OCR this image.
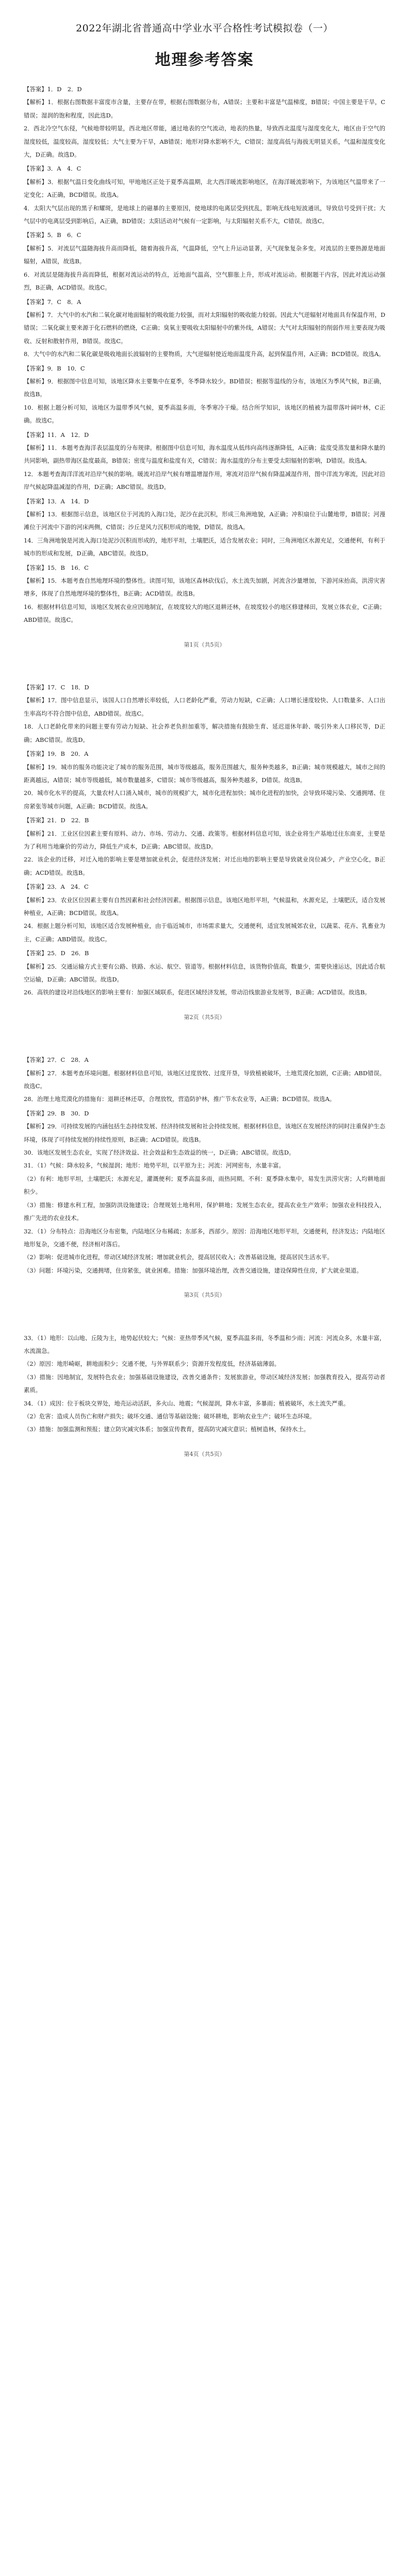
2022年湖北省普通高中学业水平合格性考试模拟卷（一）
地理参考答案
【答案】1．D　2．D
【解析】1．根据右图数据丰富度市含量，主要存在带，根据右图数据分布，A错误；主要和丰富是气温梯度，B错误；中国主要是干旱，C错误；湿润的饱和程度，因此选D。
2．西北冷空气东侵，气候地带较明显，西北地区带能，通过地表的空气流动，地表的热量，导致西北温度与湿度变化大，地区由于空气的湿度较低，温度较高，湿度较低；大气主要为干旱，AB错误；地形对降水影响不大，C错误；湿度高低与海拔无明显关系，气温和湿度变化大，D正确。故选D。
【答案】3．A　4．C
【解析】3．根据气温日变化曲线可知，甲地地区正处于夏季高温期，北大西洋暖流影响地区，在海洋暖流影响下，为该地区气温带来了一定变化；A正确，BCD错误。故选A。
4．太阳大气层出现的黑子和耀斑，是地球上的磁暴的主要原因，使地球的电离层受到扰乱，影响无线电短波通讯，导致信号受到干扰；大气层中的电离层受到影响后，A正确，BD错误；太阳活动对气候有一定影响，与太阳辐射关系不大，C错误。故选C。
【答案】5．B　6．C
【解析】5．对流层气温随海拔升高而降低，随着海拔升高，气温降低，空气上升运动显著，天气现象复杂多变。对流层的主要热源是地面辐射，A错误，故选B。
6．对流层是随海拔升高而降低，根据对流运动的特点，近地面气温高，空气膨胀上升，形成对流运动。根据题干内容，因此对流运动强烈，B正确，ACD错误。故选C。
【答案】7．C　8．A
【解析】7．大气中的水汽和二氧化碳对地面辐射的吸收能力较强，而对太阳辐射的吸收能力较弱。因此大气逆辐射对地面具有保温作用，D错误；二氧化碳主要来源于化石燃料的燃烧，C正确；臭氧主要吸收太阳辐射中的紫外线，A错误；大气对太阳辐射的削弱作用主要表现为吸收、反射和散射作用，B错误。故选C。
8．大气中的水汽和二氧化碳是吸收地面长波辐射的主要物质，大气逆辐射使近地面温度升高，起到保温作用，A正确；BCD错误。故选A。
【答案】9．B　10．C
【解析】9．根据图中信息可知，该地区降水主要集中在夏季，冬季降水较少。BD错误；根据等温线的分布，该地区为季风气候，B正确，故选B。
10．根据上题分析可知，该地区为温带季风气候，夏季高温多雨，冬季寒冷干燥。结合所学知识，该地区的植被为温带落叶阔叶林，C正确。故选C。
【答案】11．A　12．D
【解析】11．本题考查海洋表层温度的分布规律。根据图中信息可知，海水温度从低纬向高纬逐渐降低，A正确；盐度受蒸发量和降水量的共同影响，副热带海区盐度最高，B错误；密度与温度和盐度有关，C错误；海水温度的分布主要受太阳辐射的影响，D错误。故选A。
12．本题考查海洋洋流对沿岸气候的影响。暖流对沿岸气候有增温增湿作用，寒流对沿岸气候有降温减湿作用，图中洋流为寒流，因此对沿岸气候起降温减湿的作用，D正确；ABC错误。故选D。
【答案】13．A　14．D
【解析】13．根据图示信息，该地区位于河流的入海口处，泥沙在此沉积，形成三角洲地貌，A正确；冲积扇位于山麓地带，B错误；河漫滩位于河流中下游的河床两侧，C错误；沙丘是风力沉积形成的地貌，D错误。故选A。
14．三角洲地貌是河流入海口处泥沙沉积而形成的，地形平坦，土壤肥沃，适合发展农业；同时，三角洲地区水源充足，交通便利，有利于城市的形成和发展，D正确，ABC错误。故选D。
【答案】15．B　16．C
【解析】15．本题考查自然地理环境的整体性。读图可知，该地区森林砍伐后，水土流失加剧，河流含沙量增加，下游河床抬高，洪涝灾害增多，体现了自然地理环境的整体性，B正确；ACD错误。故选B。
16．根据材料信息可知，该地区发展农业应因地制宜，在坡度较大的地区退耕还林，在坡度较小的地区修建梯田，发展立体农业，C正确；ABD错误。故选C。
第1页（共5页）
【答案】17．C　18．D
【解析】17．图中信息显示，该国人口自然增长率较低，人口老龄化严重，劳动力短缺，C正确；人口增长速度较快、人口数量多、人口出生率高均不符合图中信息，ABD错误。故选C。
18．人口老龄化带来的问题主要有劳动力短缺、社会养老负担加重等，解决措施有鼓励生育、延迟退休年龄、吸引外来人口移民等，D正确；ABC错误。故选D。
【答案】19．B　20．A
【解析】19．城市的服务功能决定了城市的服务范围，城市等级越高，服务范围越大，服务种类越多，B正确；城市规模越大，城市之间的距离越远，A错误；城市等级越低，城市数量越多，C错误；城市等级越高，服务种类越多，D错误。故选B。
20．城市化水平的提高，大量农村人口涌入城市，城市的规模扩大，城市化进程加快；城市化进程的加快，会导致环境污染、交通拥堵、住房紧张等城市问题，A正确；BCD错误。故选A。
【答案】21．D　22．B
【解析】21．工业区位因素主要有原料、动力、市场、劳动力、交通、政策等。根据材料信息可知，该企业将生产基地迁往东南亚，主要是为了利用当地廉价的劳动力，降低生产成本，D正确；ABC错误。故选D。
22．该企业的迁移，对迁入地的影响主要是增加就业机会，促进经济发展；对迁出地的影响主要是导致就业岗位减少，产业空心化，B正确；ACD错误。故选B。
【答案】23．A　24．C
【解析】23．农业区位因素主要有自然因素和社会经济因素。根据图示信息，该地区地形平坦，气候温和，水源充足，土壤肥沃，适合发展种植业，A正确；BCD错误。故选A。
24．根据上题分析可知，该地区适合发展种植业，由于临近城市，市场需求量大，交通便利，适宜发展城郊农业，以蔬菜、花卉、乳畜业为主，C正确；ABD错误。故选C。
【答案】25．D　26．B
【解析】25．交通运输方式主要有公路、铁路、水运、航空、管道等。根据材料信息，该货物价值高，数量少，需要快速运达，因此适合航空运输，D正确；ABC错误。故选D。
26．高铁的建设对沿线地区的影响主要有：加强区域联系，促进区域经济发展，带动沿线旅游业发展等，B正确；ACD错误。故选B。
第2页（共5页）
【答案】27．C　28．A
【解析】27．本题考查环境问题。根据材料信息可知，该地区过度放牧、过度开垦，导致植被破坏，土地荒漠化加剧，C正确；ABD错误。故选C。
28．治理土地荒漠化的措施有：退耕还林还草，合理放牧，营造防护林，推广节水农业等，A正确；BCD错误。故选A。
【答案】29．B　30．D
【解析】29．可持续发展的内涵包括生态持续发展、经济持续发展和社会持续发展。根据材料信息，该地区在发展经济的同时注重保护生态环境，体现了可持续发展的持续性原则，B正确；ACD错误。故选B。
30．该地区发展生态农业，实现了经济效益、社会效益和生态效益的统一，D正确；ABC错误。故选D。
31．（1）气候：降水较多，气候湿润；地形：地势平坦，以平原为主；河流：河网密布，水量丰富。
（2）有利：地形平坦，土壤肥沃；水源充足，灌溉便利；夏季高温多雨，雨热同期。不利：夏季降水集中，易发生洪涝灾害；人均耕地面积少。
（3）措施：修建水利工程，加强防洪设施建设；合理规划土地利用，保护耕地；发展生态农业，提高农业生产效率；加强农业科技投入，推广先进的农业技术。
32．（1）分布特点：沿海地区分布密集，内陆地区分布稀疏；东部多，西部少。原因：沿海地区地形平坦，交通便利，经济发达；内陆地区地形复杂，交通不便，经济相对落后。
（2）影响：促进城市化进程，带动区域经济发展；增加就业机会，提高居民收入；改善基础设施，提高居民生活水平。
（3）问题：环境污染，交通拥堵，住房紧张，就业困难。措施：加强环境治理，改善交通设施，建设保障性住房，扩大就业渠道。
第3页（共5页）
33．（1）地形：以山地、丘陵为主，地势起伏较大；气候：亚热带季风气候，夏季高温多雨，冬季温和少雨；河流：河流众多，水量丰富，水流湍急。
（2）原因：地形崎岖，耕地面积少；交通不便，与外界联系少；资源开发程度低，经济基础薄弱。
（3）措施：因地制宜，发展特色农业；加强基础设施建设，改善交通条件；发展旅游业，带动区域经济发展；加强教育投入，提高劳动者素质。
34．（1）成因：位于板块交界处，地壳运动活跃，多火山、地震；气候湿润，降水丰富，多暴雨；植被破坏，水土流失严重。
（2）危害：造成人员伤亡和财产损失；破坏交通、通信等基础设施；破坏耕地，影响农业生产；破坏生态环境。
（3）措施：加强监测和预报；建立防灾减灾体系；加强宣传教育，提高防灾减灾意识；植树造林，保持水土。
第4页（共5页）
